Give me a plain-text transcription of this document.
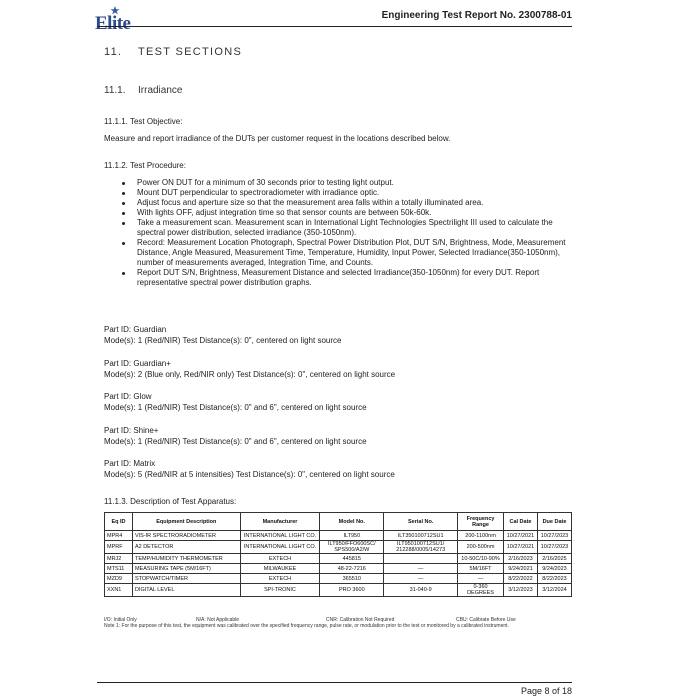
Elite	Engineering Test Report No. 2300788-01
11. TEST SECTIONS
11.1. Irradiance
11.1.1. Test Objective:
Measure and report irradiance of the DUTs per customer request in the locations described below.
11.1.2. Test Procedure:
Power ON DUT for a minimum of 30 seconds prior to testing light output.
Mount DUT perpendicular to spectroradiometer with irradiance optic.
Adjust focus and aperture size so that the measurement area falls within a totally illuminated area.
With lights OFF, adjust integration time so that sensor counts are between 50k-60k.
Take a measurement scan. Measurement scan in International Light Technologies Spectrilight III used to calculate the spectral power distribution, selected irradiance (350-1050nm).
Record: Measurement Location Photograph, Spectral Power Distribution Plot, DUT S/N, Brightness, Mode, Measurement Distance, Angle Measured, Measurement Time, Temperature, Humidity, Input Power, Selected Irradiance(350-1050nm), number of measurements averaged, Integration Time, and Counts.
Report DUT S/N, Brightness, Measurement Distance and selected Irradiance(350-1050nm) for every DUT. Report representative spectral power distribution graphs.
Part ID: Guardian
Mode(s): 1 (Red/NIR) Test Distance(s): 0", centered on light source
Part ID: Guardian+
Mode(s): 2 (Blue only, Red/NIR only) Test Distance(s): 0", centered on light source
Part ID: Glow
Mode(s): 1 (Red/NIR) Test Distance(s): 0" and 6", centered on light source
Part ID: Shine+
Mode(s): 1 (Red/NIR) Test Distance(s): 0" and 6", centered on light source
Part ID: Matrix
Mode(s): 5 (Red/NIR at 5 intensities) Test Distance(s): 0", centered on light source
11.1.3. Description of Test Apparatus:
Eq ID	Equipment Description	Manufacturer	Model No.	Serial No.	Frequency Range	Cal Date	Due Date
MPR4	VIS-IR SPECTRORADIOMETER	INTERNATIONAL LIGHT CO.	ILT950	ILT350100712SU1	200-1100nm	10/27/2021	10/27/2023
MPRF	A2 DETECTOR	INTERNATIONAL LIGHT CO.	ILT950/FFO600SC/ SPS500/A2/W	ILT950100712SU1/ 212288/0005/14273	200-500nm	10/27/2021	10/27/2023
MRJ2	TEMP/HUMIDITY THERMOMETER	EXTECH	445815		10-50C/10-90%	2/16/2023	2/16/2025
MTS11	MEASURING TAPE (5M/16FT)	MILWAUKEE	48-22-7216	—	5M/16FT	9/24/2021	9/24/2023
MZD9	STOPWATCH/TIMER	EXTECH	365510	—	—	8/22/2022	8/22/2023
XXN1	DIGITAL LEVEL	SPI-TRONIC	PRO 3600	31-040-9	0-360 DEGREES	3/12/2023	3/12/2024
I/O: Initial Only	N/A: Not Applicable	CNR: Calibration Not Required	CBU: Calibrate Before Use
Note 1: For the purpose of this test, the equipment was calibrated over the specified frequency range, pulse rate, or modulation prior to the test or monitored by a calibrated instrument.
Page 8 of 18
